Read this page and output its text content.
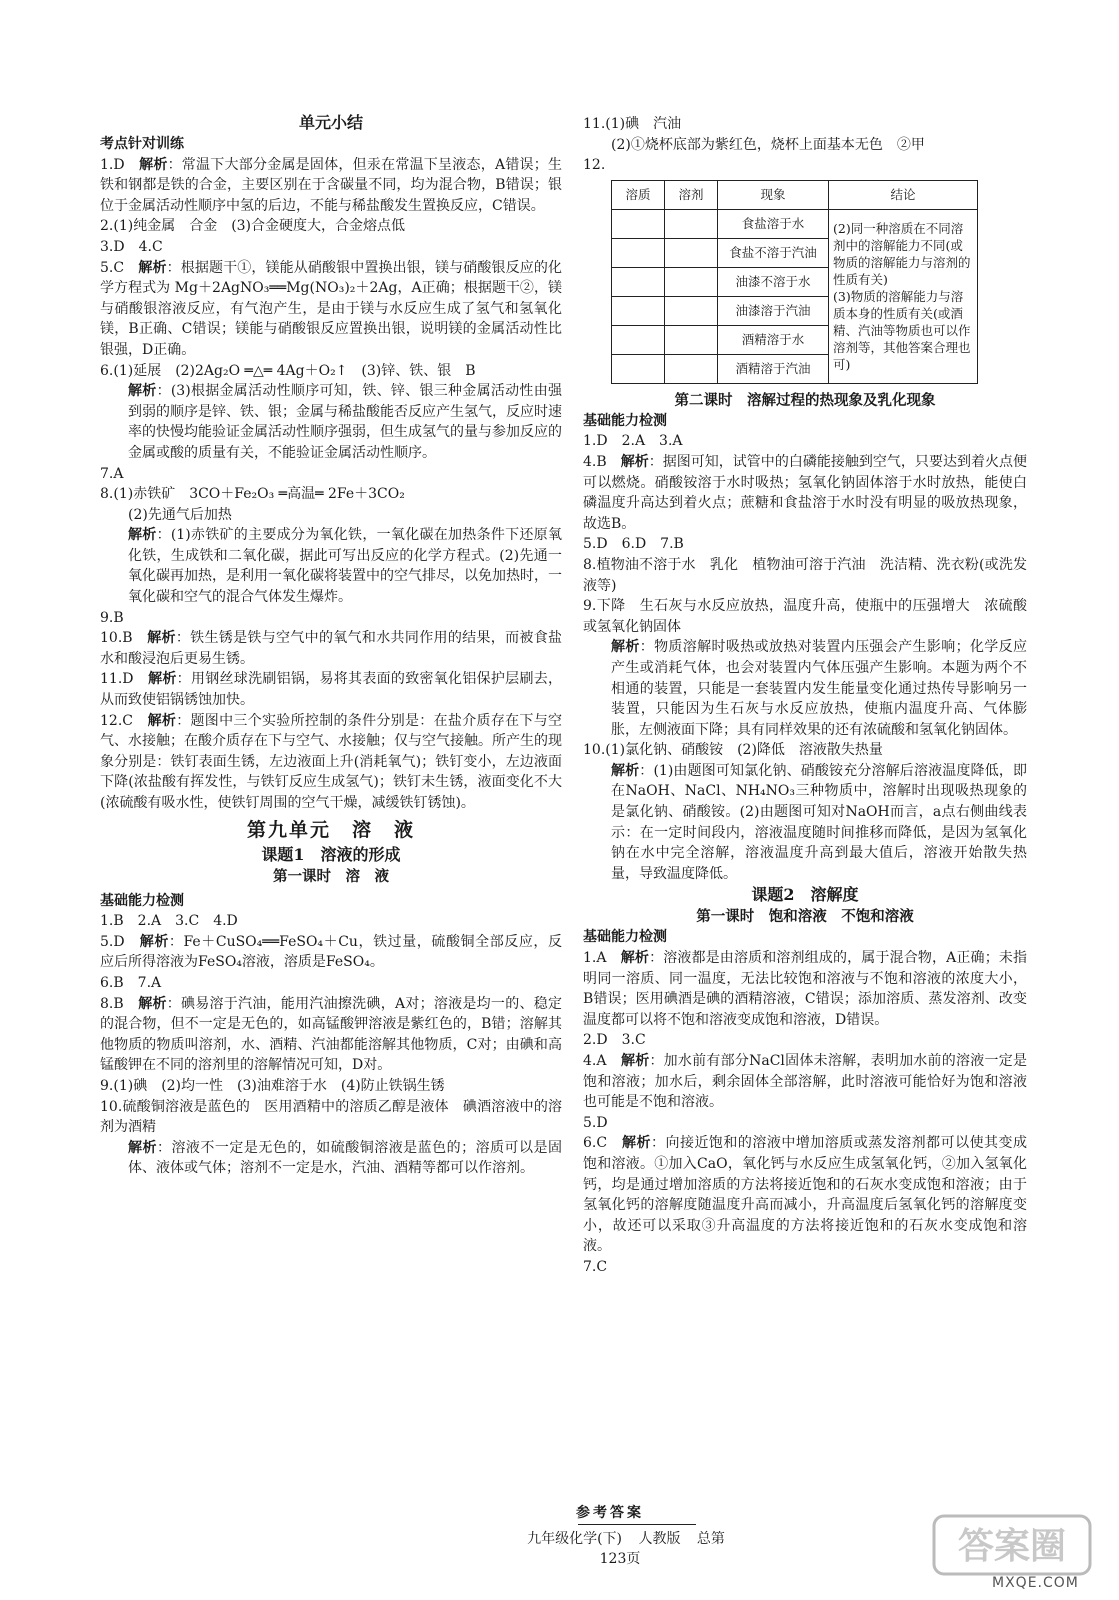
单元小结

考点针对训练

1.D　 解析：常温下大部分金属是固体，但汞在常温下呈液态，A错误；生铁和钢都是铁的合金，主要区别在于含碳量不同，均为混合物，B错误；银位于金属活动性顺序中氢的后边，不能与稀盐酸发生置换反应，C错误。

2.(1)纯金属　合金　(3)合金硬度大，合金熔点低

3.D　4.C

5.C　 解析：根据题干①，镁能从硝酸银中置换出银，镁与硝酸银反应的化学方程式为 Mg＋2AgNO₃══Mg(NO₃)₂＋2Ag，A正确；根据题干②，镁与硝酸银溶液反应，有气泡产生，是由于镁与水反应生成了氢气和氢氧化镁，B正确、C错误；镁能与硝酸银反应置换出银，说明镁的金属活动性比银强，D正确。

6.(1)延展　(2)2Ag₂O ═△═ 4Ag＋O₂↑　(3)锌、铁、银　B

解析：(3)根据金属活动性顺序可知，铁、锌、银三种金属活动性由强到弱的顺序是锌、铁、银；金属与稀盐酸能否反应产生氢气，反应时速率的快慢均能验证金属活动性顺序强弱，但生成氢气的量与参加反应的金属或酸的质量有关，不能验证金属活动性顺序。

7.A

8.(1)赤铁矿　3CO＋Fe₂O₃ ═高温═ 2Fe＋3CO₂

(2)先通气后加热

解析：(1)赤铁矿的主要成分为氧化铁，一氧化碳在加热条件下还原氧化铁，生成铁和二氧化碳，据此可写出反应的化学方程式。(2)先通一氧化碳再加热，是利用一氧化碳将装置中的空气排尽，以免加热时，一氧化碳和空气的混合气体发生爆炸。

9.B

10.B　 解析：铁生锈是铁与空气中的氧气和水共同作用的结果，而被食盐水和酸浸泡后更易生锈。

11.D　 解析：用钢丝球洗刷铝锅，易将其表面的致密氧化铝保护层刷去，从而致使铝锅锈蚀加快。

12.C　 解析：题图中三个实验所控制的条件分别是：在盐介质存在下与空气、水接触；在酸介质存在下与空气、水接触；仅与空气接触。所产生的现象分别是：铁钉表面生锈，左边液面上升(消耗氧气)；铁钉变小，左边液面下降(浓盐酸有挥发性，与铁钉反应生成氢气)；铁钉未生锈，液面变化不大(浓硫酸有吸水性，使铁钉周围的空气干燥，减缓铁钉锈蚀)。

第九单元　溶　液

课题1　溶液的形成

第一课时　溶　液

基础能力检测

1.B　2.A　3.C　4.D

5.D　 解析：Fe＋CuSO₄══FeSO₄＋Cu，铁过量，硫酸铜全部反应，反应后所得溶液为FeSO₄溶液，溶质是FeSO₄。

6.B　7.A

8.B　 解析：碘易溶于汽油，能用汽油擦洗碘，A对；溶液是均一的、稳定的混合物，但不一定是无色的，如高锰酸钾溶液是紫红色的，B错；溶解其他物质的物质叫溶剂，水、酒精、汽油都能溶解其他物质，C对；由碘和高锰酸钾在不同的溶剂里的溶解情况可知，D对。

9.(1)碘　(2)均一性　(3)油难溶于水　(4)防止铁锅生锈

10.硫酸铜溶液是蓝色的　医用酒精中的溶质乙醇是液体　碘酒溶液中的溶剂为酒精

解析：溶液不一定是无色的，如硫酸铜溶液是蓝色的；溶质可以是固体、液体或气体；溶剂不一定是水，汽油、酒精等都可以作溶剂。

11.(1)碘　汽油

(2)①烧杯底部为紫红色，烧杯上面基本无色　②甲

12.

溶质	溶剂	现象	结论
		食盐溶于水	(2)同一种溶质在不同溶剂中的溶解能力不同(或物质的溶解能力与溶剂的性质有关)
(3)物质的溶解能力与溶质本身的性质有关(或酒精、汽油等物质也可以作溶剂等，其他答案合理也可)
		食盐不溶于汽油	
		油漆不溶于水	
		油漆溶于汽油	
		酒精溶于水	
		酒精溶于汽油	

第二课时　溶解过程的热现象及乳化现象

基础能力检测

1.D　2.A　3.A

4.B　 解析：据图可知，试管中的白磷能接触到空气，只要达到着火点便可以燃烧。硝酸铵溶于水时吸热；氢氧化钠固体溶于水时放热，能使白磷温度升高达到着火点；蔗糖和食盐溶于水时没有明显的吸放热现象，故选B。

5.D　6.D　7.B

8.植物油不溶于水　乳化　植物油可溶于汽油　洗洁精、洗衣粉(或洗发液等)

9.下降　生石灰与水反应放热，温度升高，使瓶中的压强增大　浓硫酸或氢氧化钠固体

解析：物质溶解时吸热或放热对装置内压强会产生影响；化学反应产生或消耗气体，也会对装置内气体压强产生影响。本题为两个不相通的装置，只能是一套装置内发生能量变化通过热传导影响另一装置，只能因为生石灰与水反应放热，使瓶内温度升高、气体膨胀，左侧液面下降；具有同样效果的还有浓硫酸和氢氧化钠固体。

10.(1)氯化钠、硝酸铵　(2)降低　溶液散失热量

解析：(1)由题图可知氯化钠、硝酸铵充分溶解后溶液温度降低，即在NaOH、NaCl、NH₄NO₃三种物质中，溶解时出现吸热现象的是氯化钠、硝酸铵。(2)由题图可知对NaOH而言，a点右侧曲线表示：在一定时间段内，溶液温度随时间推移而降低，是因为氢氧化钠在水中完全溶解，溶液温度升高到最大值后，溶液开始散失热量，导致温度降低。

课题2　溶解度

第一课时　饱和溶液　不饱和溶液

基础能力检测

1.A　 解析：溶液都是由溶质和溶剂组成的，属于混合物，A正确；未指明同一溶质、同一温度，无法比较饱和溶液与不饱和溶液的浓度大小，B错误；医用碘酒是碘的酒精溶液，C错误；添加溶质、蒸发溶剂、改变温度都可以将不饱和溶液变成饱和溶液，D错误。

2.D　3.C

4.A　 解析：加水前有部分NaCl固体未溶解，表明加水前的溶液一定是饱和溶液；加水后，剩余固体全部溶解，此时溶液可能恰好为饱和溶液也可能是不饱和溶液。

5.D

6.C　 解析：向接近饱和的溶液中增加溶质或蒸发溶剂都可以使其变成饱和溶液。①加入CaO，氧化钙与水反应生成氢氧化钙，②加入氢氧化钙，均是通过增加溶质的方法将接近饱和的石灰水变成饱和溶液；由于氢氧化钙的溶解度随温度升高而减小，升高温度后氢氧化钙的溶解度变小，故还可以采取③升高温度的方法将接近饱和的石灰水变成饱和溶液。

7.C

参考答案
九年级化学(下) 人教版 总第123页	答案圈
MXQE.COM
